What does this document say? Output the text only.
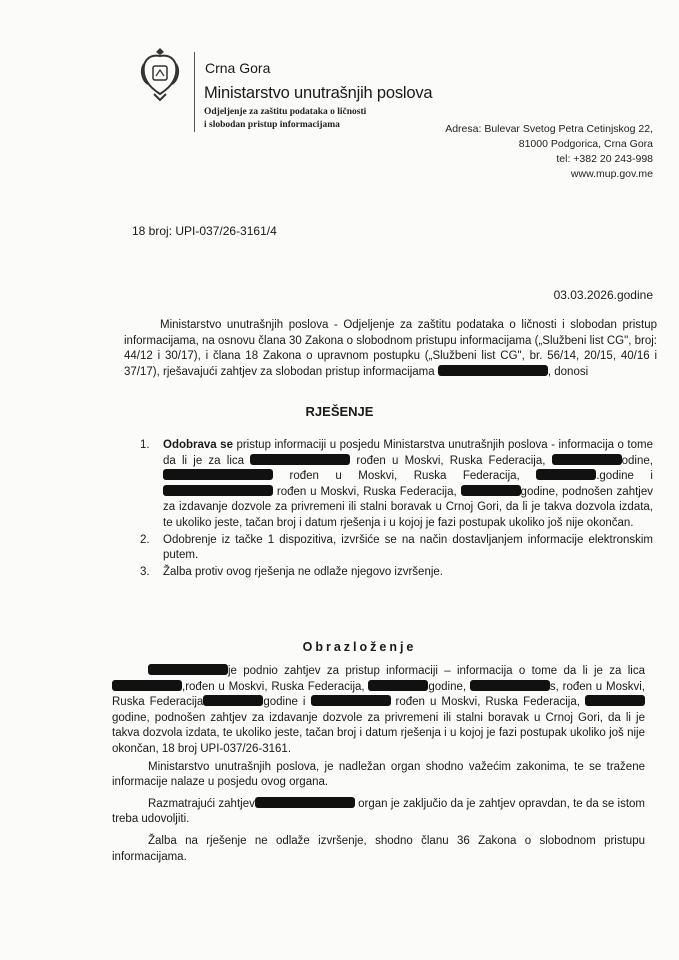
Crna Gora
Ministarstvo unutrašnjih poslova
Odjeljenje za zaštitu podataka o ličnosti
i slobodan pristup informacijama	Adresa: Bulevar Svetog Petra Cetinjskog 22,
81000 Podgorica, Crna Gora
tel: +382 20 243-998
www.mup.gov.me
18 broj: UPI-037/26-3161/4
03.03.2026.godine
Ministarstvo unutrašnjih poslova - Odjeljenje za zaštitu podataka o ličnosti i slobodan pristup informacijama, na osnovu člana 30 Zakona o slobodnom pristupu informacijama („Službeni list CG", broj: 44/12 i 30/17), i člana 18 Zakona o upravnom postupku („Službeni list CG", br. 56/14, 20/15, 40/16 i 37/17), rješavajući zahtjev za slobodan pristup informacijama	, donosi
RJEŠENJE
1. Odobrava se pristup informaciji u posjedu Ministarstva unutrašnjih poslova - informacija o tome da li je za lica	rođen u Moskvi, Ruska Federacija,	odine,  rođen u Moskvi, Ruska Federacija,	.godine i  rođen u Moskvi, Ruska Federacija,	godine, podnošen zahtjev za izdavanje dozvole za privremeni ili stalni boravak u Crnoj Gori, da li je takva dozvola izdata, te ukoliko jeste, tačan broj i datum rješenja i u kojoj je fazi postupak ukoliko još nije okončan.
2. Odobrenje iz tačke 1 dispozitiva, izvršiće se na način dostavljanjem informacije elektronskim putem.
3. Žalba protiv ovog rješenja ne odlaže njegovo izvršenje.
Obrazloženje
je podnio zahtjev za pristup informaciji – informacija o tome da li je za lica ,rođen u Moskvi, Ruska Federacija,	godine,	s, rođen u Moskvi, Ruska Federacija	godine i	rođen u Moskvi, Ruska Federacija, godine, podnošen zahtjev za izdavanje dozvole za privremeni ili stalni boravak u Crnoj Gori, da li je takva dozvola izdata, te ukoliko jeste, tačan broj i datum rješenja i u kojoj je fazi postupak ukoliko još nije okončan, 18 broj UPI-037/26-3161.
Ministarstvo unutrašnjih poslova, je nadležan organ shodno važećim zakonima, te se tražene informacije nalaze u posjedu ovog organa.
Razmatrajući zahtjev	organ je zaključio da je zahtjev opravdan, te da se istom treba udovoljiti.
Žalba na rješenje ne odlaže izvršenje, shodno članu 36 Zakona o slobodnom pristupu informacijama.
